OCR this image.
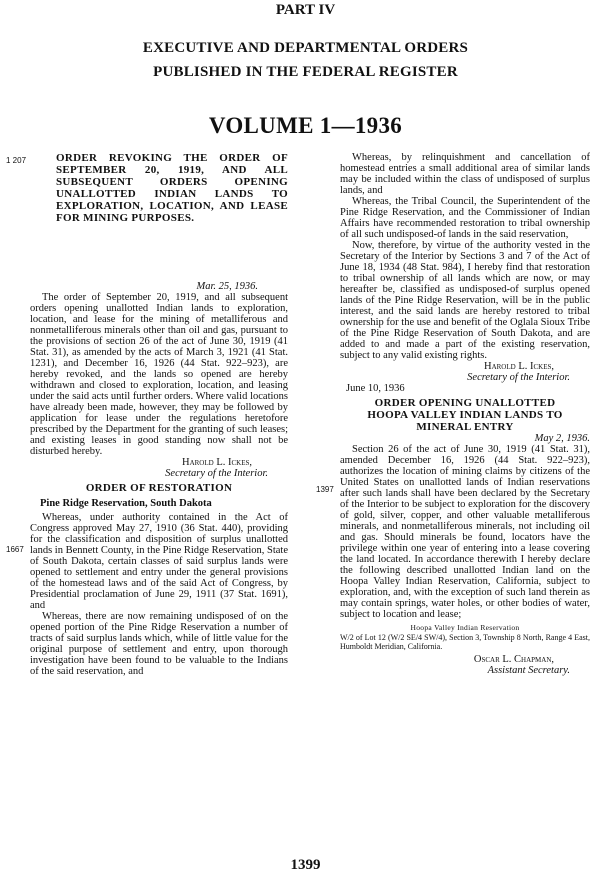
PART IV
EXECUTIVE AND DEPARTMENTAL ORDERS
PUBLISHED IN THE FEDERAL REGISTER
VOLUME 1—1936
1 207
1667
1397

ORDER REVOKING THE ORDER OF SEPTEMBER 20, 1919, AND ALL SUBSEQUENT ORDERS OPENING UNALLOTTED INDIAN LANDS TO EXPLORATION, LOCATION, AND LEASE FOR MINING PURPOSES.

Mar. 25, 1936.

The order of September 20, 1919, and all subsequent orders opening unallotted Indian lands to exploration, location, and lease for the mining of metalliferous and nonmetalliferous minerals other than oil and gas, pursuant to the provisions of section 26 of the act of June 30, 1919 (41 Stat. 31), as amended by the acts of March 3, 1921 (41 Stat. 1231), and December 16, 1926 (44 Stat. 922–923), are hereby revoked, and the lands so opened are hereby withdrawn and closed to exploration, location, and leasing under the said acts until further orders. Where valid locations have already been made, however, they may be followed by application for lease under the regulations heretofore prescribed by the Department for the granting of such leases; and existing leases in good standing now shall not be disturbed hereby.

Harold L. Ickes,

Secretary of the Interior.

ORDER OF RESTORATION

Pine Ridge Reservation, South Dakota

Whereas, under authority contained in the Act of Congress approved May 27, 1910 (36 Stat. 440), providing for the classification and disposition of surplus unallotted lands in Bennett County, in the Pine Ridge Reservation, State of South Dakota, certain classes of said surplus lands were opened to settlement and entry under the general provisions of the homestead laws and of the said Act of Congress, by Presidential proclamation of June 29, 1911 (37 Stat. 1691), and

Whereas, there are now remaining undisposed of on the opened portion of the Pine Ridge Reservation a number of tracts of said surplus lands which, while of little value for the original purpose of settlement and entry, upon thorough investigation have been found to be valuable to the Indians of the said reservation, and

Whereas, by relinquishment and cancellation of homestead entries a small additional area of similar lands may be included within the class of undisposed of surplus lands, and

Whereas, the Tribal Council, the Superintendent of the Pine Ridge Reservation, and the Commissioner of Indian Affairs have recommended restoration to tribal ownership of all such undisposed-of lands in the said reservation,

Now, therefore, by virtue of the authority vested in the Secretary of the Interior by Sections 3 and 7 of the Act of June 18, 1934 (48 Stat. 984), I hereby find that restoration to tribal ownership of all lands which are now, or may hereafter be, classified as undisposed-of surplus opened lands of the Pine Ridge Reservation, will be in the public interest, and the said lands are hereby restored to tribal ownership for the use and benefit of the Oglala Sioux Tribe of the Pine Ridge Reservation of South Dakota, and are added to and made a part of the existing reservation, subject to any valid existing rights.

Harold L. Ickes,

Secretary of the Interior.

June 10, 1936

ORDER OPENING UNALLOTTED

HOOPA VALLEY INDIAN LANDS TO

MINERAL ENTRY

May 2, 1936.

Section 26 of the act of June 30, 1919 (41 Stat. 31), amended December 16, 1926 (44 Stat. 922–923), authorizes the location of mining claims by citizens of the United States on unallotted lands of Indian reservations after such lands shall have been declared by the Secretary of the Interior to be subject to exploration for the discovery of gold, silver, copper, and other valuable metalliferous minerals, and nonmetalliferous minerals, not including oil and gas. Should minerals be found, locators have the privilege within one year of entering into a lease covering the land located. In accordance therewith I hereby declare the following described unallotted Indian land on the Hoopa Valley Indian Reservation, California, subject to exploration, and, with the exception of such land therein as may contain springs, water holes, or other bodies of water, subject to location and lease;

Hoopa Valley Indian Reservation

W/2 of Lot 12 (W/2 SE/4 SW/4), Section 3, Township 8 North, Range 4 East, Humboldt Meridian, California.

Oscar L. Chapman,

Assistant Secretary.

1399
